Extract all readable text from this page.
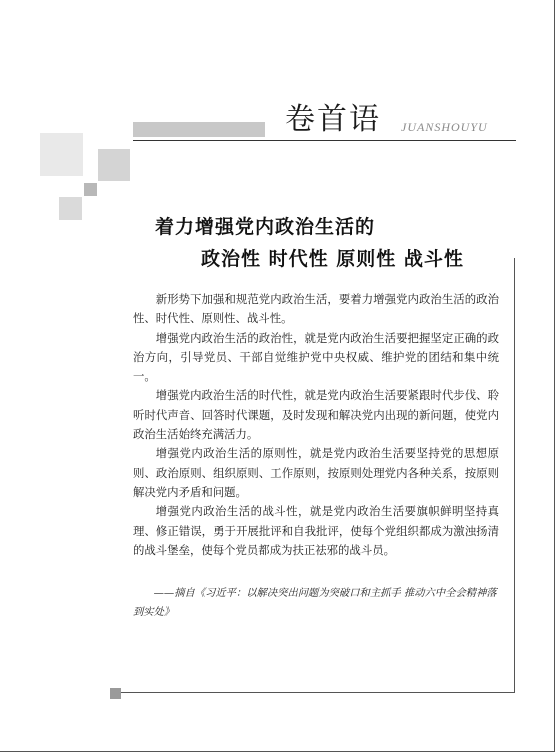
卷首语 JUANSHOUYU
着力增强党内政治生活的
政治性 时代性 原则性 战斗性

新形势下加强和规范党内政治生活，要着力增强党内政治生活的政治性、时代性、原则性、战斗性。

增强党内政治生活的政治性，就是党内政治生活要把握坚定正确的政治方向，引导党员、干部自觉维护党中央权威、维护党的团结和集中统一。

增强党内政治生活的时代性，就是党内政治生活要紧跟时代步伐、聆听时代声音、回答时代课题，及时发现和解决党内出现的新问题，使党内政治生活始终充满活力。

增强党内政治生活的原则性，就是党内政治生活要坚持党的思想原则、政治原则、组织原则、工作原则，按原则处理党内各种关系，按原则解决党内矛盾和问题。

增强党内政治生活的战斗性，就是党内政治生活要旗帜鲜明坚持真理、修正错误，勇于开展批评和自我批评，使每个党组织都成为激浊扬清的战斗堡垒，使每个党员都成为扶正祛邪的战斗员。

——摘自《习近平：以解决突出问题为突破口和主抓手 推动六中全会精神落到实处》
